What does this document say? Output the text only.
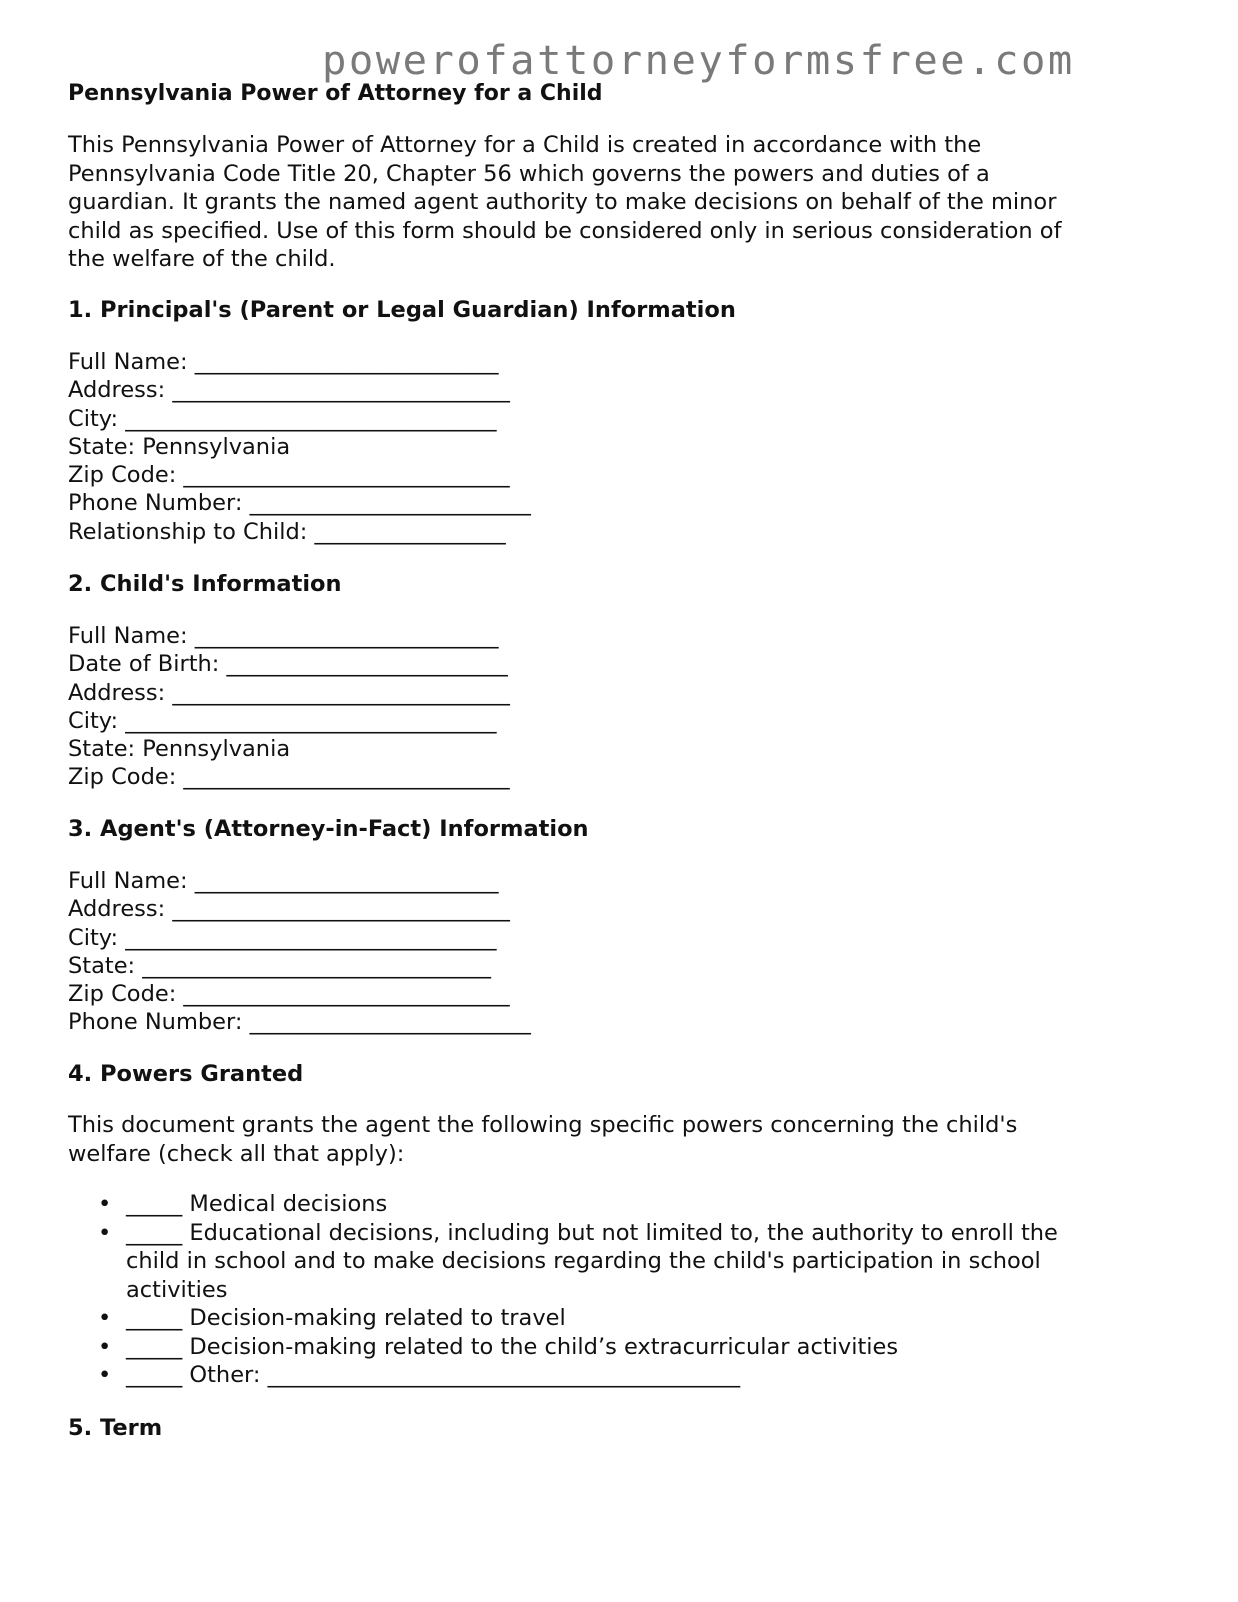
powerofattorneyformsfree.com
Pennsylvania Power of Attorney for a Child

This Pennsylvania Power of Attorney for a Child is created in accordance with the
Pennsylvania Code Title 20, Chapter 56 which governs the powers and duties of a
guardian. It grants the named agent authority to make decisions on behalf of the minor
child as specified. Use of this form should be considered only in serious consideration of
the welfare of the child.

1. Principal's (Parent or Legal Guardian) Information
Full Name: ___________________________
Address: ______________________________
City: _________________________________
State: Pennsylvania
Zip Code: _____________________________
Phone Number: _________________________
Relationship to Child: _________________
2. Child's Information
Full Name: ___________________________
Date of Birth: _________________________
Address: ______________________________
City: _________________________________
State: Pennsylvania
Zip Code: _____________________________
3. Agent's (Attorney-in-Fact) Information
Full Name: ___________________________
Address: ______________________________
City: _________________________________
State: _______________________________
Zip Code: _____________________________
Phone Number: _________________________
4. Powers Granted

This document grants the agent the following specific powers concerning the child's
welfare (check all that apply):

• _____ Medical decisions
• _____ Educational decisions, including but not limited to, the authority to enroll the
child in school and to make decisions regarding the child's participation in school
activities
• _____ Decision-making related to travel
• _____ Decision-making related to the child’s extracurricular activities
• _____ Other: __________________________________________
5. Term
